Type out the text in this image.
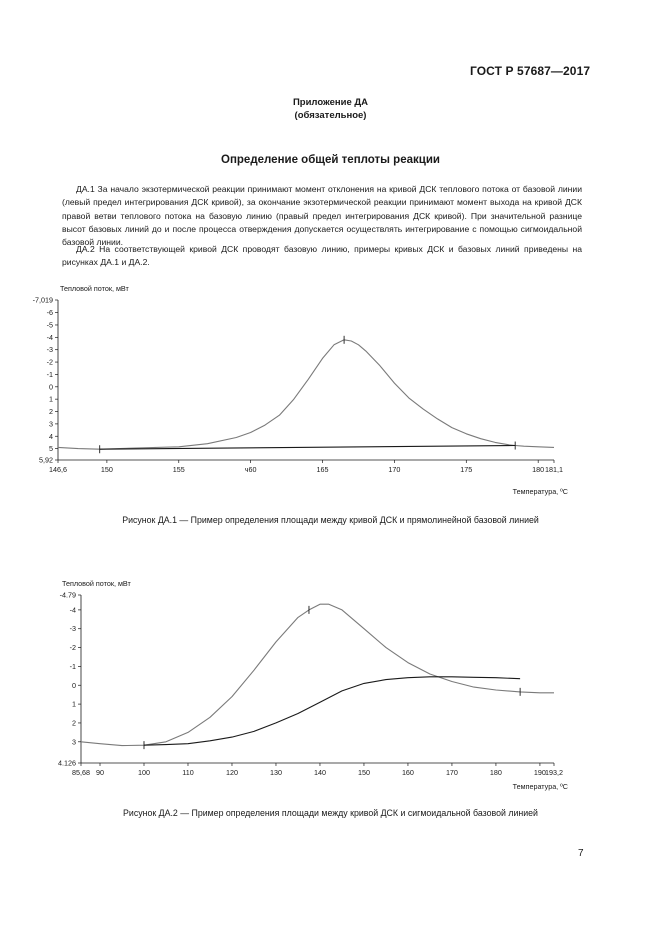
ГОСТ Р 57687—2017
Приложение ДА
(обязательное)
Определение общей теплоты реакции
ДА.1 За начало экзотермической реакции принимают момент отклонения на кривой ДСК теплового потока от базовой линии (левый предел интегрирования ДСК кривой), за окончание экзотермической реакции принимают момент выхода на кривой ДСК правой ветви теплового потока на базовую линию (правый предел интегрирования ДСК кривой). При значительной разнице высот базовых линий до и после процесса отверждения допускается осуществлять интегрирование с помощью сигмоидальной базовой линии.
ДА.2 На соответствующей кривой ДСК проводят базовую линию, примеры кривых ДСК и базовых линий приведены на рисунках ДА.1 и ДА.2.
Тепловой поток, мВт
Температура, ºС
-7,019
-6
-5
-4
-3
-2
-1
0
1
2
3
4
5
5,92
146,6	150	155	ч60	165	170	175	180 181,1
Рисунок ДА.1 — Пример определения площади между кривой ДСК и прямолинейной базовой линией
Тепловой поток, мВт
Температура, ºС
-4.79
-4
-3
-2
-1
0
1
2
3
4.126
85,68 90	100	110	120	130	140	150	160	170	180	190 193,2
Рисунок ДА.2 — Пример определения площади между кривой ДСК и сигмоидальной базовой линией
7
